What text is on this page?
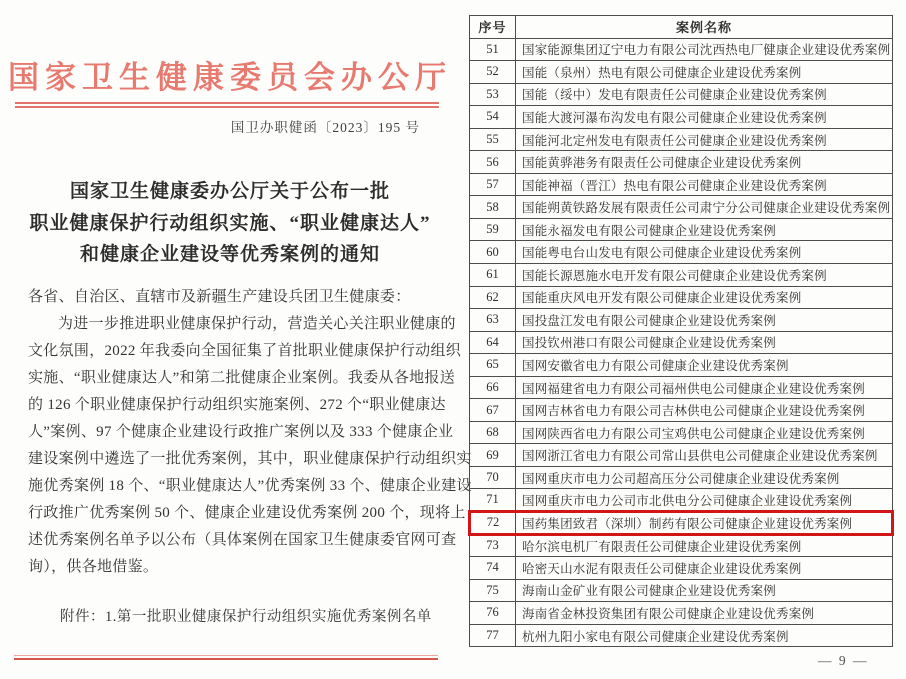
国家卫生健康委员会办公厅
国卫办职健函〔2023〕195 号
国家卫生健康委办公厅关于公布一批
职业健康保护行动组织实施、“职业健康达人”
和健康企业建设等优秀案例的通知
各省、自治区、直辖市及新疆生产建设兵团卫生健康委：
为进一步推进职业健康保护行动，营造关心关注职业健康的
文化氛围，2022 年我委向全国征集了首批职业健康保护行动组织
实施、“职业健康达人”和第二批健康企业案例。我委从各地报送
的 126 个职业健康保护行动组织实施案例、272 个“职业健康达
人”案例、97 个健康企业建设行政推广案例以及 333 个健康企业
建设案例中遴选了一批优秀案例，其中，职业健康保护行动组织实
施优秀案例 18 个、“职业健康达人”优秀案例 33 个、健康企业建设
行政推广优秀案例 50 个、健康企业建设优秀案例 200 个，现将上
述优秀案例名单予以公布（具体案例在国家卫生健康委官网可查
询），供各地借鉴。
附件：1.第一批职业健康保护行动组织实施优秀案例名单
序号	案例名称
51	国家能源集团辽宁电力有限公司沈西热电厂健康企业建设优秀案例
52	国能（泉州）热电有限公司健康企业建设优秀案例
53	国能（绥中）发电有限责任公司健康企业建设优秀案例
54	国能大渡河瀑布沟发电有限公司健康企业建设优秀案例
55	国能河北定州发电有限责任公司健康企业建设优秀案例
56	国能黄骅港务有限责任公司健康企业建设优秀案例
57	国能神福（晋江）热电有限公司健康企业建设优秀案例
58	国能朔黄铁路发展有限责任公司肃宁分公司健康企业建设优秀案例
59	国能永福发电有限公司健康企业建设优秀案例
60	国能粤电台山发电有限公司健康企业建设优秀案例
61	国能长源恩施水电开发有限公司健康企业建设优秀案例
62	国能重庆风电开发有限公司健康企业建设优秀案例
63	国投盘江发电有限公司健康企业建设优秀案例
64	国投钦州港口有限公司健康企业建设优秀案例
65	国网安徽省电力有限公司健康企业建设优秀案例
66	国网福建省电力有限公司福州供电公司健康企业建设优秀案例
67	国网吉林省电力有限公司吉林供电公司健康企业建设优秀案例
68	国网陕西省电力有限公司宝鸡供电公司健康企业建设优秀案例
69	国网浙江省电力有限公司常山县供电公司健康企业建设优秀案例
70	国网重庆市电力公司超高压分公司健康企业建设优秀案例
71	国网重庆市电力公司市北供电分公司健康企业建设优秀案例
72	国药集团致君（深圳）制药有限公司健康企业建设优秀案例
73	哈尔滨电机厂有限责任公司健康企业建设优秀案例
74	哈密天山水泥有限责任公司健康企业建设优秀案例
75	海南山金矿业有限公司健康企业建设优秀案例
76	海南省金林投资集团有限公司健康企业建设优秀案例
77	杭州九阳小家电有限公司健康企业建设优秀案例
— 9 —
